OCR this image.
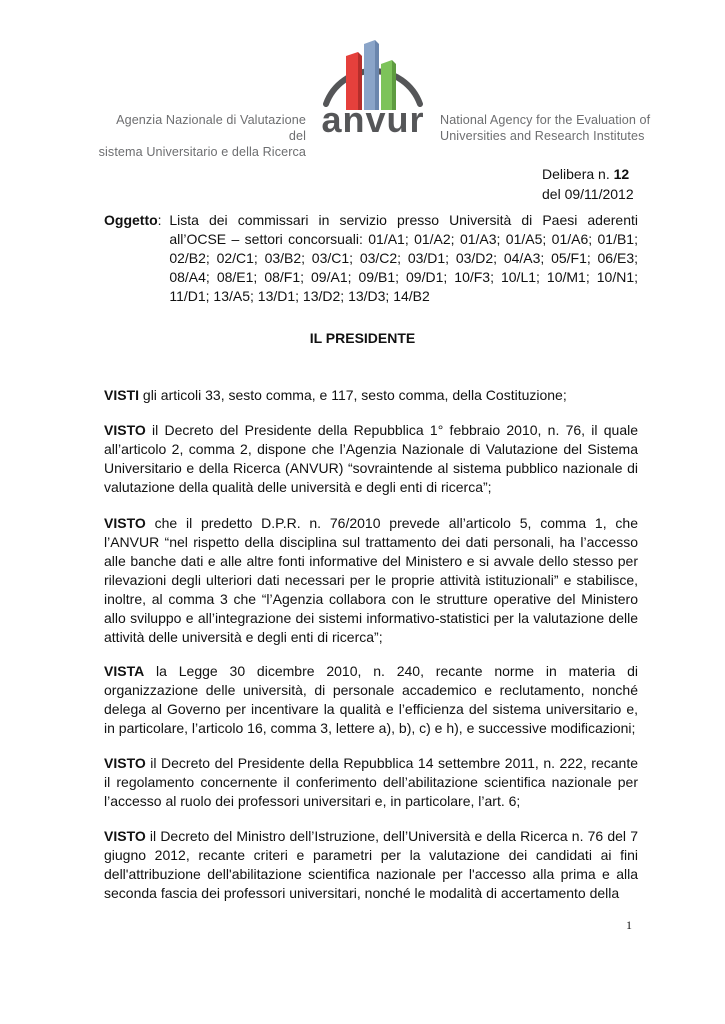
Agenzia Nazionale di Valutazione del
sistema Universitario e della Ricerca
anvur	National Agency for the Evaluation of
Universities and Research Institutes
Delibera n. 12
del 09/11/2012
Oggetto : Lista dei commissari in servizio presso Università di Paesi aderenti all’OCSE – settori concorsuali: 01/A1; 01/A2; 01/A3; 01/A5; 01/A6; 01/B1; 02/B2; 02/C1; 03/B2; 03/C1; 03/C2; 03/D1; 03/D2; 04/A3; 05/F1; 06/E3; 08/A4; 08/E1; 08/F1; 09/A1; 09/B1; 09/D1; 10/F3; 10/L1; 10/M1; 10/N1; 11/D1; 13/A5; 13/D1; 13/D2; 13/D3; 14/B2
IL PRESIDENTE
VISTI gli articoli 33, sesto comma, e 117, sesto comma, della Costituzione;
VISTO il Decreto del Presidente della Repubblica 1° febbraio 2010, n. 76, il quale all’articolo 2, comma 2, dispone che l’Agenzia Nazionale di Valutazione del Sistema Universitario e della Ricerca (ANVUR) “sovraintende al sistema pubblico nazionale di valutazione della qualità delle università e degli enti di ricerca”;
VISTO che il predetto D.P.R. n. 76/2010 prevede all’articolo 5, comma 1, che l’ANVUR “nel rispetto della disciplina sul trattamento dei dati personali, ha l’accesso alle banche dati e alle altre fonti informative del Ministero e si avvale dello stesso per rilevazioni degli ulteriori dati necessari per le proprie attività istituzionali” e stabilisce, inoltre, al comma 3 che “l’Agenzia collabora con le strutture operative del Ministero allo sviluppo e all’integrazione dei sistemi informativo-statistici per la valutazione delle attività delle università e degli enti di ricerca”;
VISTA la Legge 30 dicembre 2010, n. 240, recante norme in materia di organizzazione delle università, di personale accademico e reclutamento, nonché delega al Governo per incentivare la qualità e l’efficienza del sistema universitario e, in particolare, l’articolo 16, comma 3, lettere a), b), c) e h), e successive modificazioni;
VISTO il Decreto del Presidente della Repubblica 14 settembre 2011, n. 222, recante il regolamento concernente il conferimento dell’abilitazione scientifica nazionale per l’accesso al ruolo dei professori universitari e, in particolare, l’art. 6;
VISTO il Decreto del Ministro dell’Istruzione, dell’Università e della Ricerca n. 76 del 7 giugno 2012, recante criteri e parametri per la valutazione dei candidati ai fini dell'attribuzione dell'abilitazione scientifica nazionale per l'accesso alla prima e alla seconda fascia dei professori universitari, nonché le modalità di accertamento della
1
